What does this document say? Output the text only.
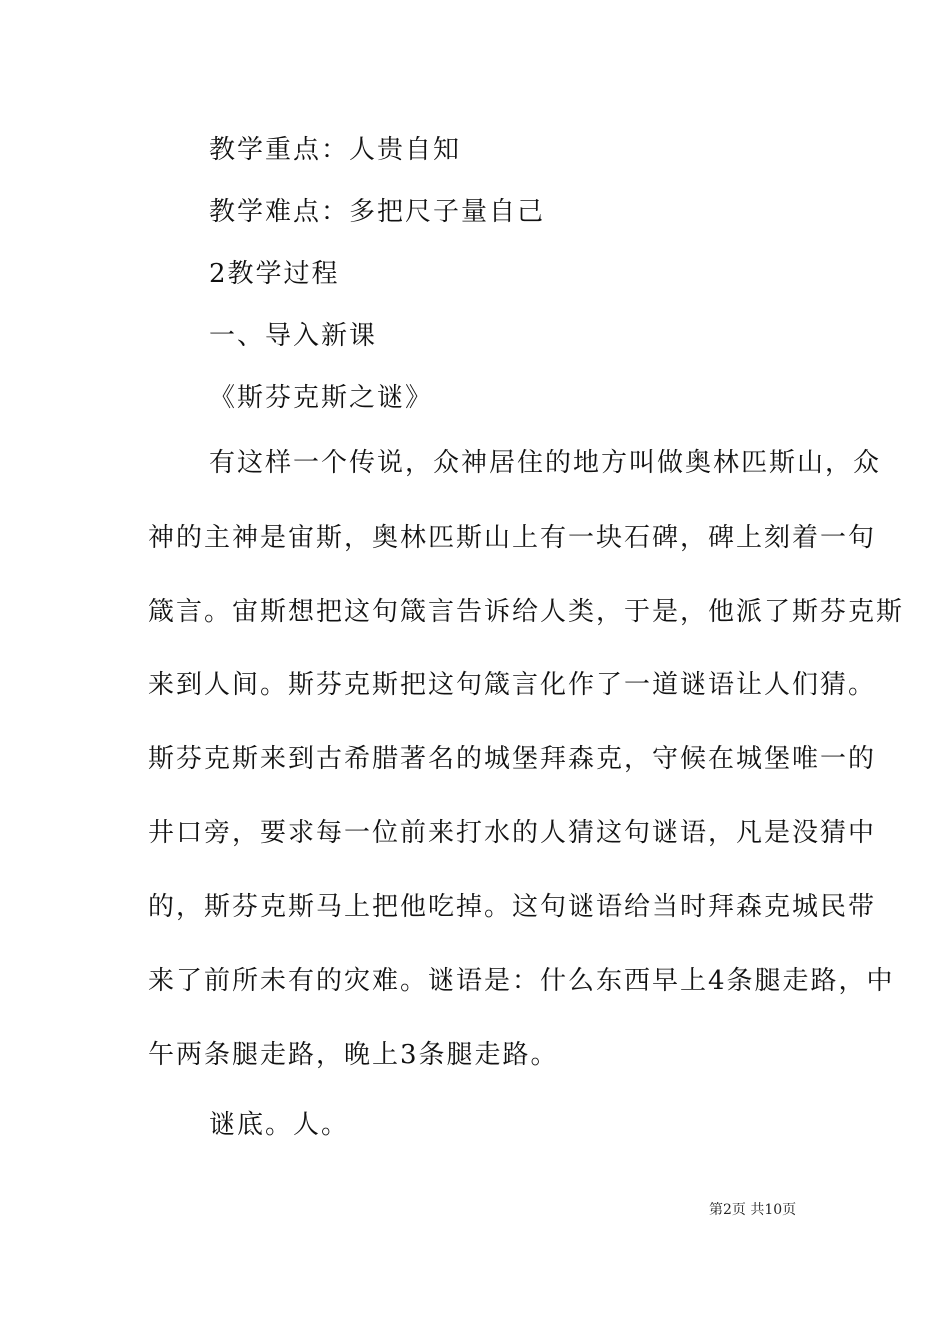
教学重点：人贵自知
教学难点：多把尺子量自己
2教学过程
一、导入新课
《斯芬克斯之谜》
有这样一个传说，众神居住的地方叫做奥林匹斯山，众
神的主神是宙斯，奥林匹斯山上有一块石碑，碑上刻着一句
箴言。宙斯想把这句箴言告诉给人类，于是，他派了斯芬克斯
来到人间。斯芬克斯把这句箴言化作了一道谜语让人们猜。
斯芬克斯来到古希腊著名的城堡拜森克，守候在城堡唯一的
井口旁，要求每一位前来打水的人猜这句谜语，凡是没猜中
的，斯芬克斯马上把他吃掉。这句谜语给当时拜森克城民带
来了前所未有的灾难。谜语是：什么东西早上4条腿走路，中
午两条腿走路，晚上3条腿走路。
谜底。人。
第2页 共10页
